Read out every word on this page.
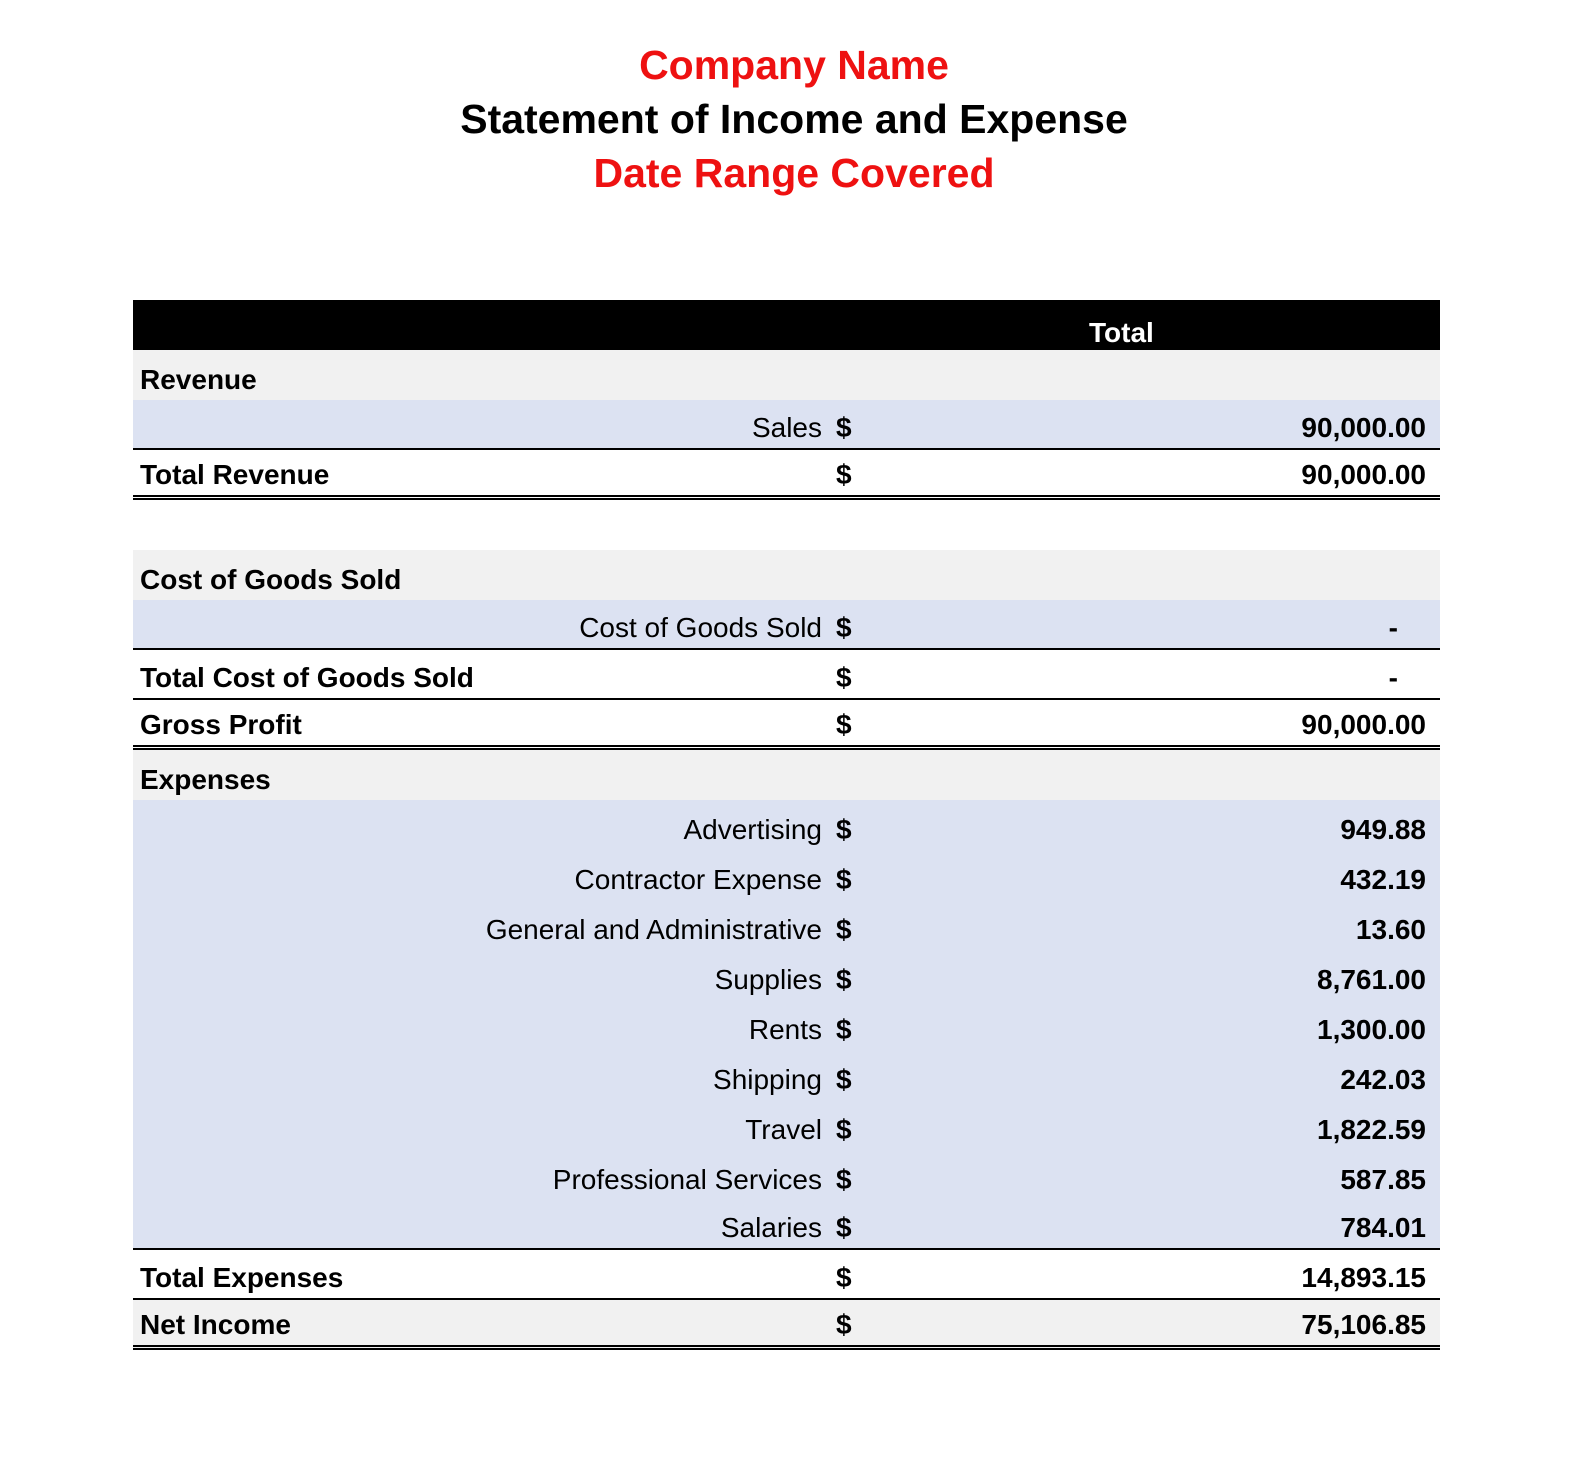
Company Name
Statement of Income and Expense
Date Range Covered
Total
Revenue
Sales $	90,000.00
Total Revenue	$	90,000.00
Cost of Goods Sold
Cost of Goods Sold $	-
Total Cost of Goods Sold	$	-
Gross Profit	$	90,000.00
Expenses
Advertising $	949.88
Contractor Expense $	432.19
General and Administrative $	13.60
Supplies $	8,761.00
Rents $	1,300.00
Shipping $	242.03
Travel $	1,822.59
Professional Services $	587.85
Salaries $	784.01
Total Expenses	$	14,893.15
Net Income	$	75,106.85
